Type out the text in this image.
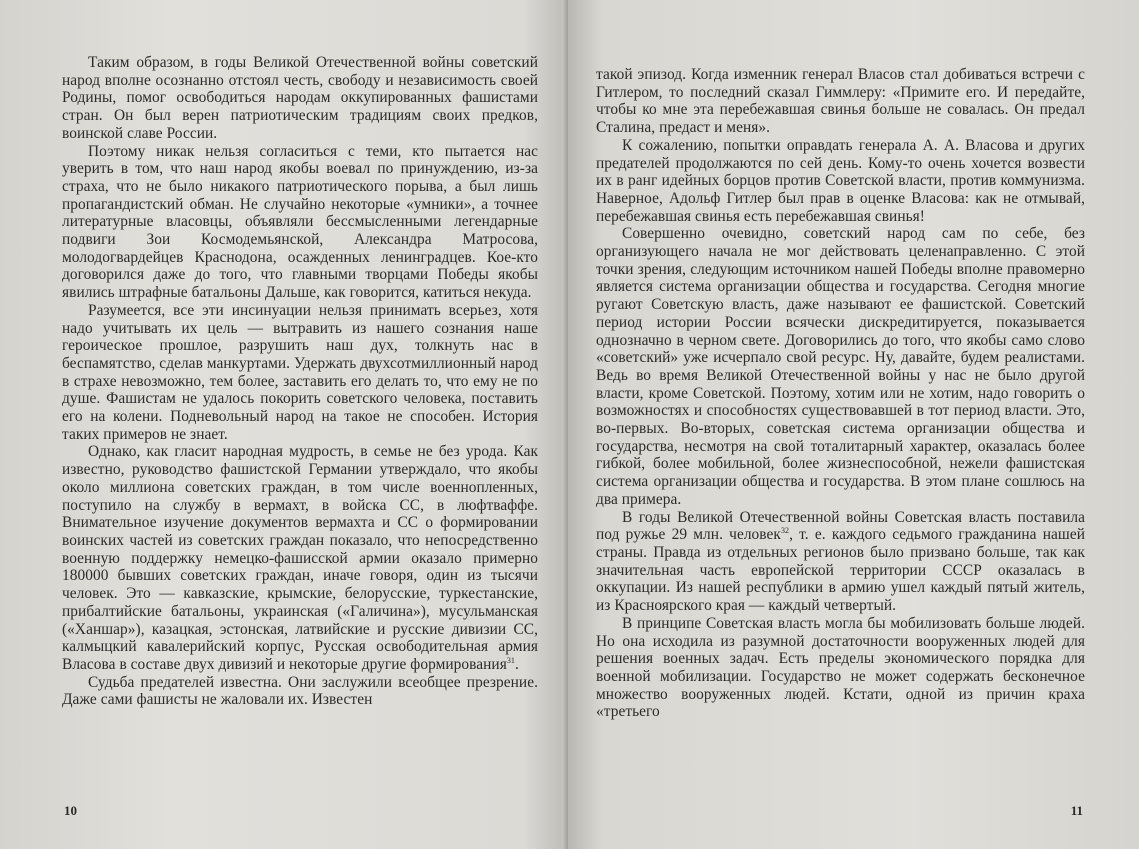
Таким образом, в годы Великой Отечественной войны советский народ вполне осознанно отстоял честь, свободу и независимость своей Родины, помог освободиться народам оккупированных фашистами стран. Он был верен патриотическим традициям своих предков, воинской славе России.

Поэтому никак нельзя согласиться с теми, кто пытается нас уверить в том, что наш народ якобы воевал по принуждению, из-за страха, что не было никакого патриотического порыва, а был лишь пропагандистский обман. Не случайно некоторые «умники», а точнее литературные власовцы, объявляли бессмысленными легендарные подвиги Зои Космодемьянской, Александра Матросова, молодогвардейцев Краснодона, осажденных ленинградцев. Кое-кто договорился даже до того, что главными творцами Победы якобы явились штрафные батальоны Дальше, как говорится, катиться некуда.

Разумеется, все эти инсинуации нельзя принимать всерьез, хотя надо учитывать их цель — вытравить из нашего сознания наше героическое прошлое, разрушить наш дух, толкнуть нас в беспамятство, сделав манкуртами. Удержать двухсотмиллионный народ в страхе невозможно, тем более, заставить его делать то, что ему не по душе. Фашистам не удалось покорить советского человека, поставить его на колени. Подневольный народ на такое не способен. История таких примеров не знает.

Однако, как гласит народная мудрость, в семье не без урода. Как известно, руководство фашистской Германии утверждало, что якобы около миллиона советских граждан, в том числе военнопленных, поступило на службу в вермахт, в войска СС, в люфтваффе. Внимательное изучение документов вермахта и СС о формировании воинских частей из советских граждан показало, что непосредственно военную поддержку немецко-фашисской армии оказало примерно 180000 бывших советских граждан, иначе говоря, один из тысячи человек. Это — кавказские, крымские, белорусские, туркестанские, прибалтийские батальоны, украинская («Галичина»), мусульманская («Ханшар»), казацкая, эстонская, латвийские и русские дивизии СС, калмыцкий кавалерийский корпус, Русская освободительная армия Власова в составе двух дивизий и некоторые другие формирования$^{31}$.

Судьба предателей известна. Они заслужили всеобщее презрение. Даже сами фашисты не жаловали их. Известен

10

такой эпизод. Когда изменник генерал Власов стал добиваться встречи с Гитлером, то последний сказал Гиммлеру: «Примите его. И передайте, чтобы ко мне эта перебежавшая свинья больше не совалась. Он предал Сталина, предаст и меня».

К сожалению, попытки оправдать генерала А. А. Власова и других предателей продолжаются по сей день. Кому-то очень хочется возвести их в ранг идейных борцов против Советской власти, против коммунизма. Наверное, Адольф Гитлер был прав в оценке Власова: как не отмывай, перебежавшая свинья есть перебежавшая свинья!

Совершенно очевидно, советский народ сам по себе, без организующего начала не мог действовать целенаправленно. С этой точки зрения, следующим источником нашей Победы вполне правомерно является система организации общества и государства. Сегодня многие ругают Советскую власть, даже называют ее фашистской. Советский период истории России всячески дискредитируется, показывается однозначно в черном свете. Договорились до того, что якобы само слово «советский» уже исчерпало свой ресурс. Ну, давайте, будем реалистами. Ведь во время Великой Отечественной войны у нас не было другой власти, кроме Советской. Поэтому, хотим или не хотим, надо говорить о возможностях и способностях существовавшей в тот период власти. Это, во-первых. Во-вторых, советская система организации общества и государства, несмотря на свой тоталитарный характер, оказалась более гибкой, более мобильной, более жизнеспособной, нежели фашистская система организации общества и государства. В этом плане сошлюсь на два примера.

В годы Великой Отечественной войны Советская власть поставила под ружье 29 млн. человек$^{32}$, т. е. каждого седьмого гражданина нашей страны. Правда из отдельных регионов было призвано больше, так как значительная часть европейской территории СССР оказалась в оккупации. Из нашей республики в армию ушел каждый пятый житель, из Красноярского края — каждый четвертый.

В принципе Советская власть могла бы мобилизовать больше людей. Но она исходила из разумной достаточности вооруженных людей для решения военных задач. Есть пределы экономического порядка для военной мобилизации. Государство не может содержать бесконечное множество вооруженных людей. Кстати, одной из причин краха «третьего

11
